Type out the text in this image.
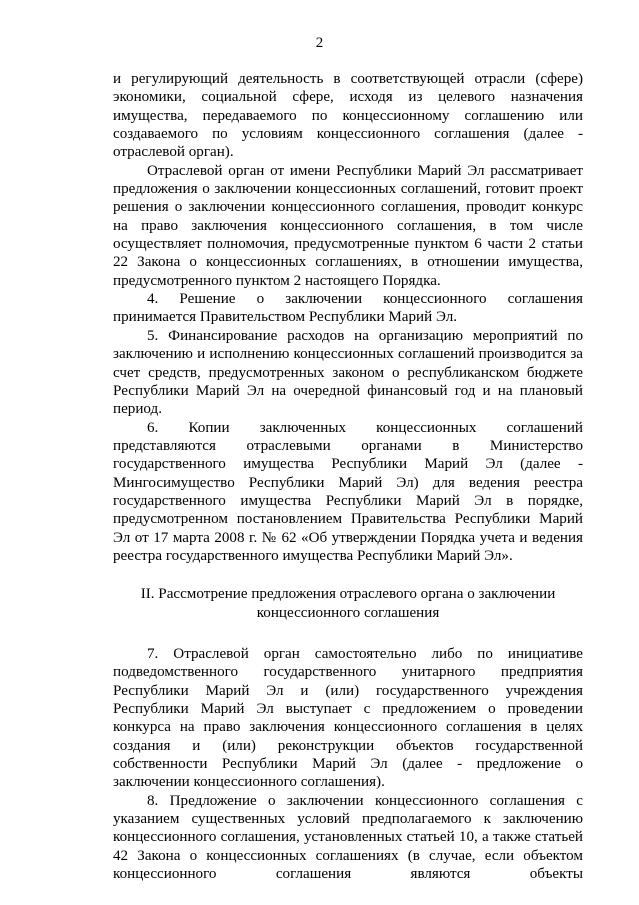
2

и регулирующий деятельность в соответствующей отрасли (сфере) экономики, социальной сфере, исходя из целевого назначения имущества, передаваемого по концессионному соглашению или создаваемого по условиям концессионного соглашения (далее - отраслевой орган).

Отраслевой орган от имени Республики Марий Эл рассматривает предложения о заключении концессионных соглашений, готовит проект решения о заключении концессионного соглашения, проводит конкурс на право заключения концессионного соглашения, в том числе осуществляет полномочия, предусмотренные пунктом 6 части 2 статьи 22 Закона о концессионных соглашениях, в отношении имущества, предусмотренного пунктом 2 настоящего Порядка.

4. Решение о заключении концессионного соглашения принимается Правительством Республики Марий Эл.

5. Финансирование расходов на организацию мероприятий по заключению и исполнению концессионных соглашений производится за счет средств, предусмотренных законом о республиканском бюджете Республики Марий Эл на очередной финансовый год и на плановый период.

6. Копии заключенных концессионных соглашений представляются отраслевыми органами в Министерство государственного имущества Республики Марий Эл (далее - Мингосимущество Республики Марий Эл) для ведения реестра государственного имущества Республики Марий Эл в порядке, предусмотренном постановлением Правительства Республики Марий Эл от 17 марта 2008 г. № 62 «Об утверждении Порядка учета и ведения реестра государственного имущества Республики Марий Эл».

II. Рассмотрение предложения отраслевого органа о заключении
концессионного соглашения

7. Отраслевой орган самостоятельно либо по инициативе подведомственного государственного унитарного предприятия Республики Марий Эл и (или) государственного учреждения Республики Марий Эл выступает с предложением о проведении конкурса на право заключения концессионного соглашения в целях создания и (или) реконструкции объектов государственной собственности Республики Марий Эл (далее - предложение о заключении концессионного соглашения).

8. Предложение о заключении концессионного соглашения с указанием существенных условий предполагаемого к заключению концессионного соглашения, установленных статьей 10, а также статьей 42 Закона о концессионных соглашениях (в случае, если объектом концессионного соглашения являются объекты
